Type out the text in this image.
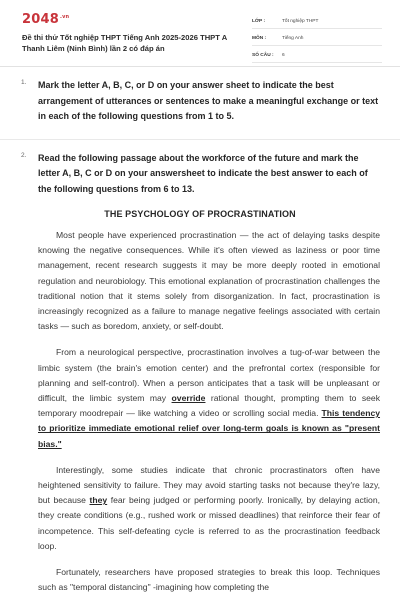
$2048^{.vn}$
Đề thi thử Tốt nghiệp THPT Tiếng Anh 2025-2026 THPT A Thanh Liêm (Ninh Bình) lần 2 có đáp án
LỚP :	Tốt nghiệp THPT
MÔN :	Tiếng Anh
SỐ CÂU :	6
1. Mark the letter A, B, C, or D on your answer sheet to indicate the best arrangement of utterances or sentences to make a meaningful exchange or text in each of the following questions from 1 to 5.
2. Read the following passage about the workforce of the future and mark the letter A, B, C or D on your answersheet to indicate the best answer to each of the following questions from 6 to 13.
THE PSYCHOLOGY OF PROCRASTINATION

Most people have experienced procrastination — the act of delaying tasks despite knowing the negative consequences. While it's often viewed as laziness or poor time management, recent research suggests it may be more deeply rooted in emotional regulation and neurobiology. This emotional explanation of procrastination challenges the traditional notion that it stems solely from disorganization. In fact, procrastination is increasingly recognized as a failure to manage negative feelings associated with certain tasks — such as boredom, anxiety, or self-doubt.

From a neurological perspective, procrastination involves a tug-of-war between the limbic system (the brain's emotion center) and the prefrontal cortex (responsible for planning and self-control). When a person anticipates that a task will be unpleasant or difficult, the limbic system may override rational thought, prompting them to seek temporary moodrepair — like watching a video or scrolling social media. This tendency to prioritize immediate emotional relief over long-term goals is known as "present bias."

Interestingly, some studies indicate that chronic procrastinators often have heightened sensitivity to failure. They may avoid starting tasks not because they're lazy, but because they fear being judged or performing poorly. Ironically, by delaying action, they create conditions (e.g., rushed work or missed deadlines) that reinforce their fear of incompetence. This self-defeating cycle is referred to as the procrastination feedback loop.

Fortunately, researchers have proposed strategies to break this loop. Techniques such as "temporal distancing" -imagining how completing the
